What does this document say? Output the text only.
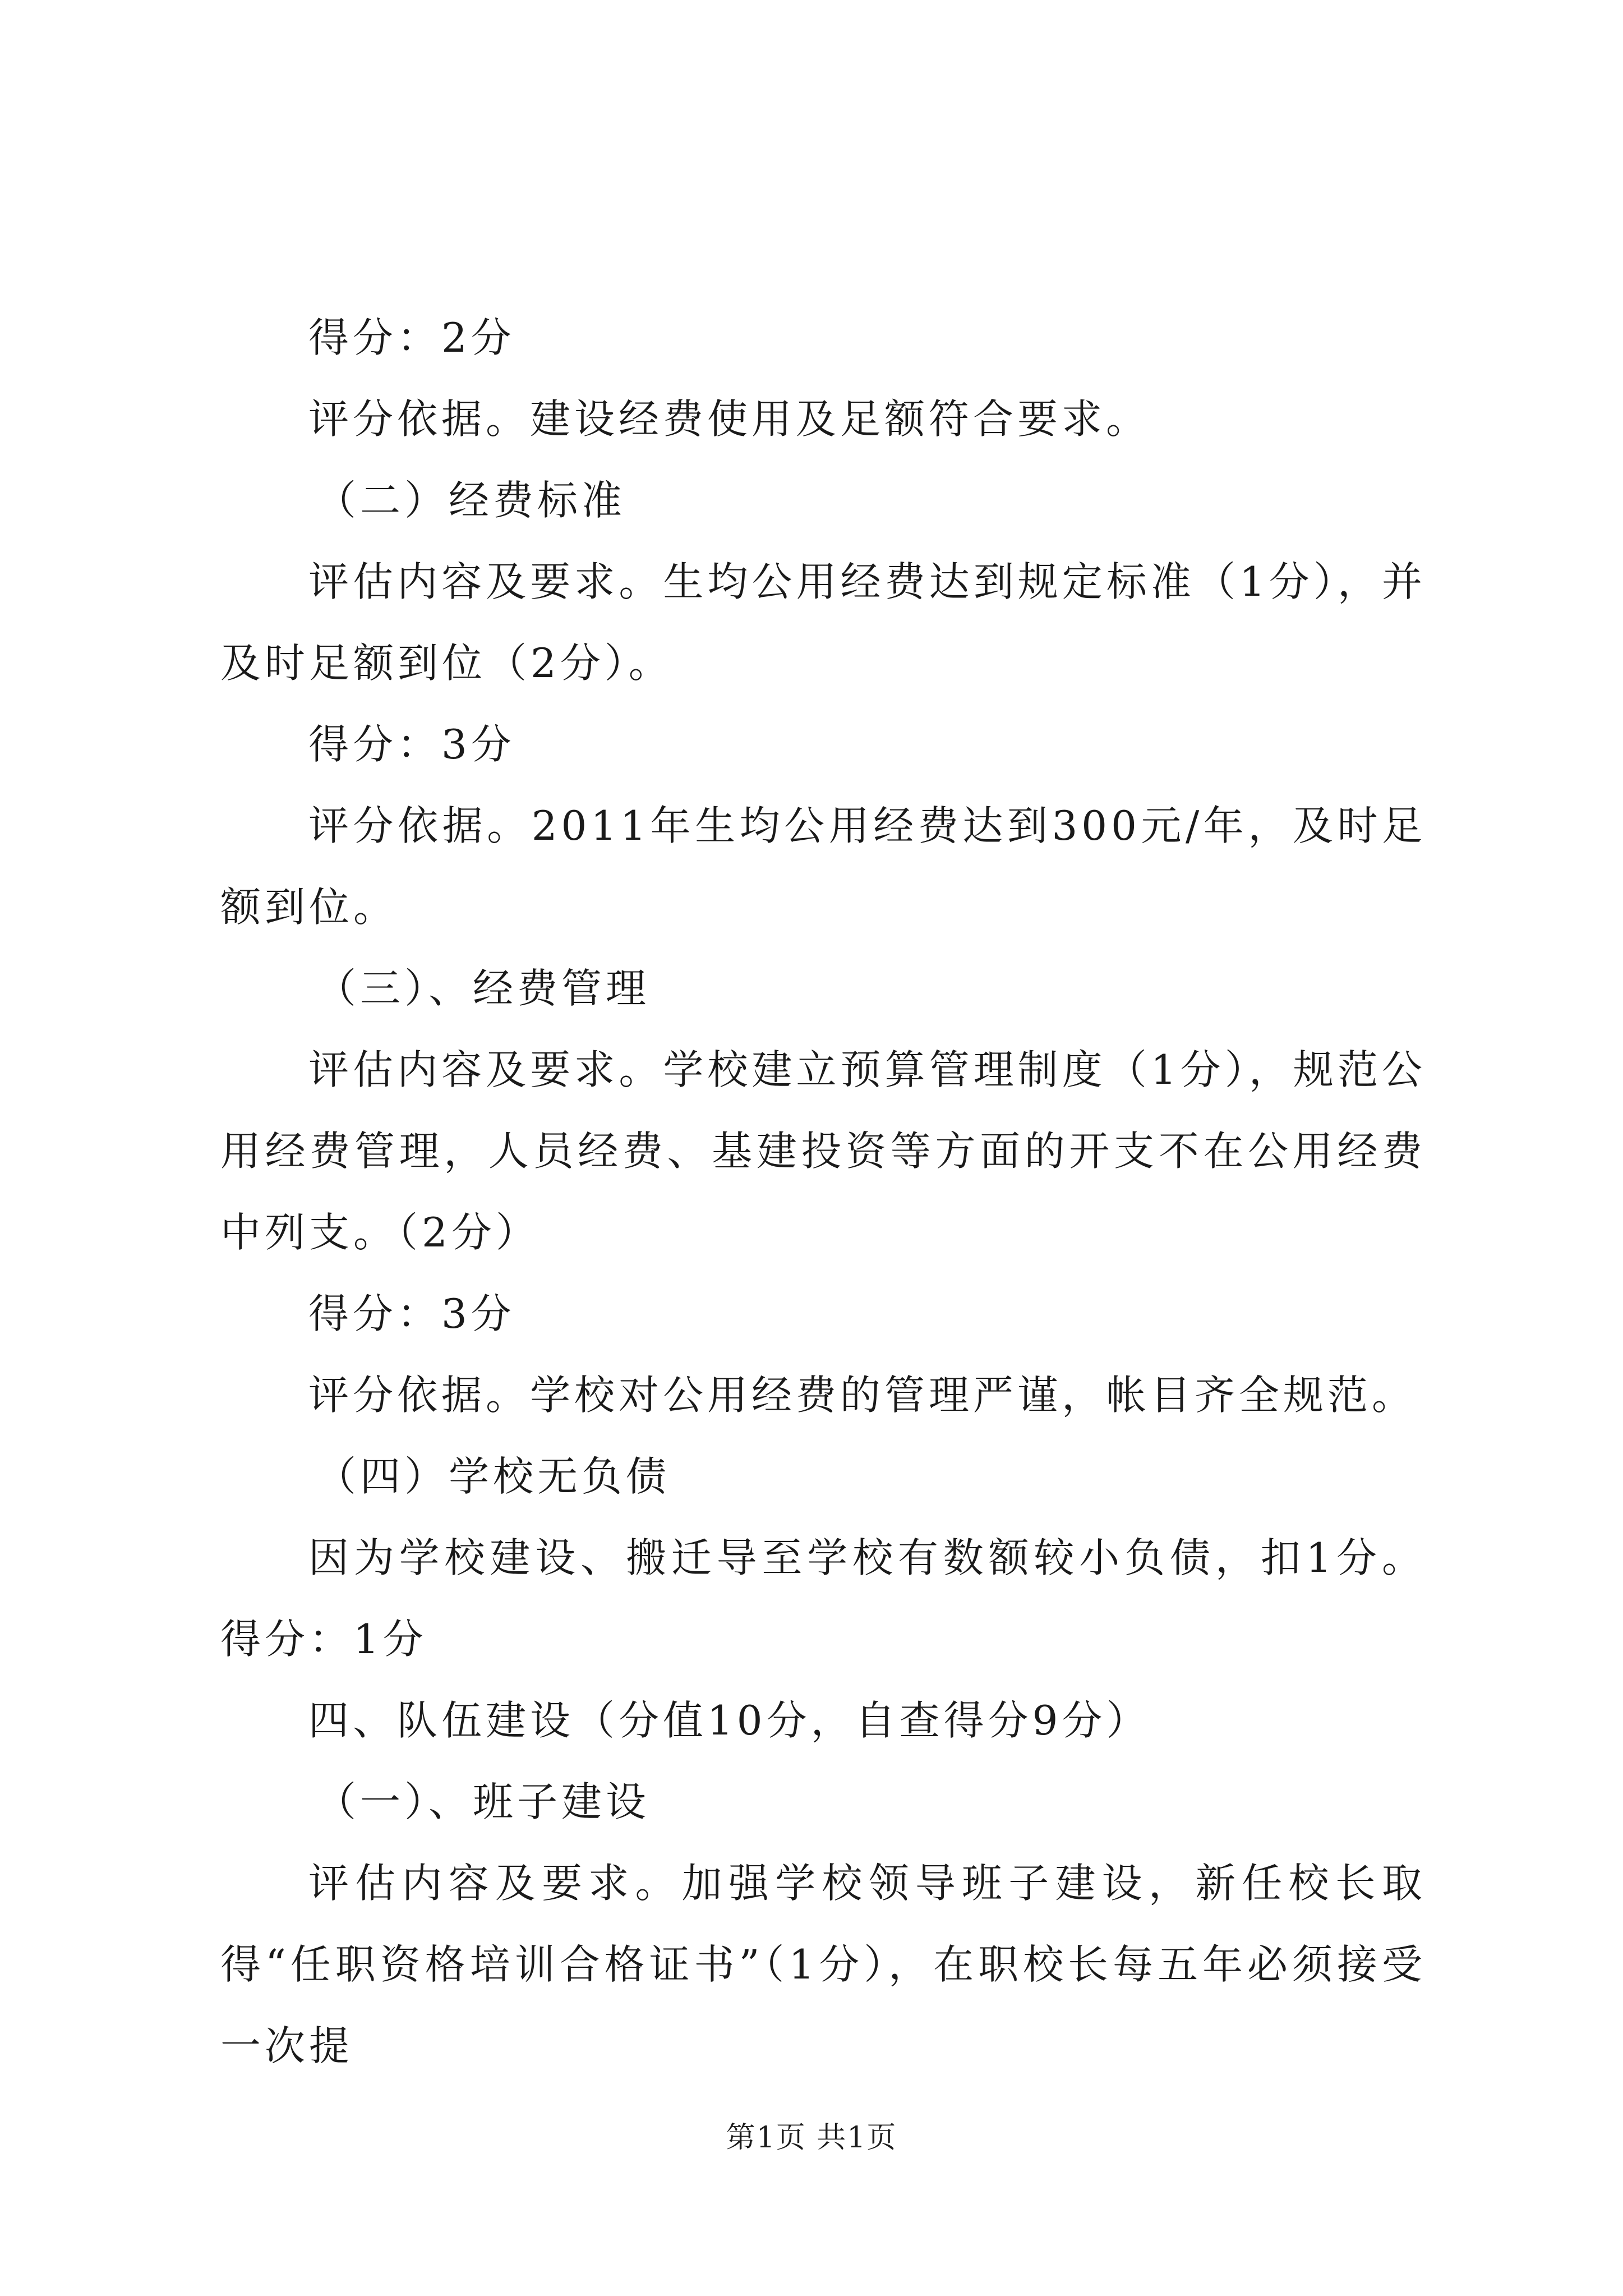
得分：2分

评分依据。建设经费使用及足额符合要求。

（二）经费标准

评估内容及要求。生均公用经费达到规定标准（1分），并及时足额到位（2分）。

得分：3分

评分依据。2011年生均公用经费达到300元/年，及时足额到位。

（三）、经费管理

评估内容及要求。学校建立预算管理制度（1分），规范公用经费管理，人员经费、基建投资等方面的开支不在公用经费中列支。（2分）

得分：3分

评分依据。学校对公用经费的管理严谨，帐目齐全规范。

（四）学校无负债

因为学校建设、搬迁导至学校有数额较小负债，扣1分。得分：1分

四、队伍建设（分值10分，自查得分9分）

（一）、班子建设

评估内容及要求。加强学校领导班子建设，新任校长取得“任职资格培训合格证书”（1分），在职校长每五年必须接受一次提

第1页 共1页
